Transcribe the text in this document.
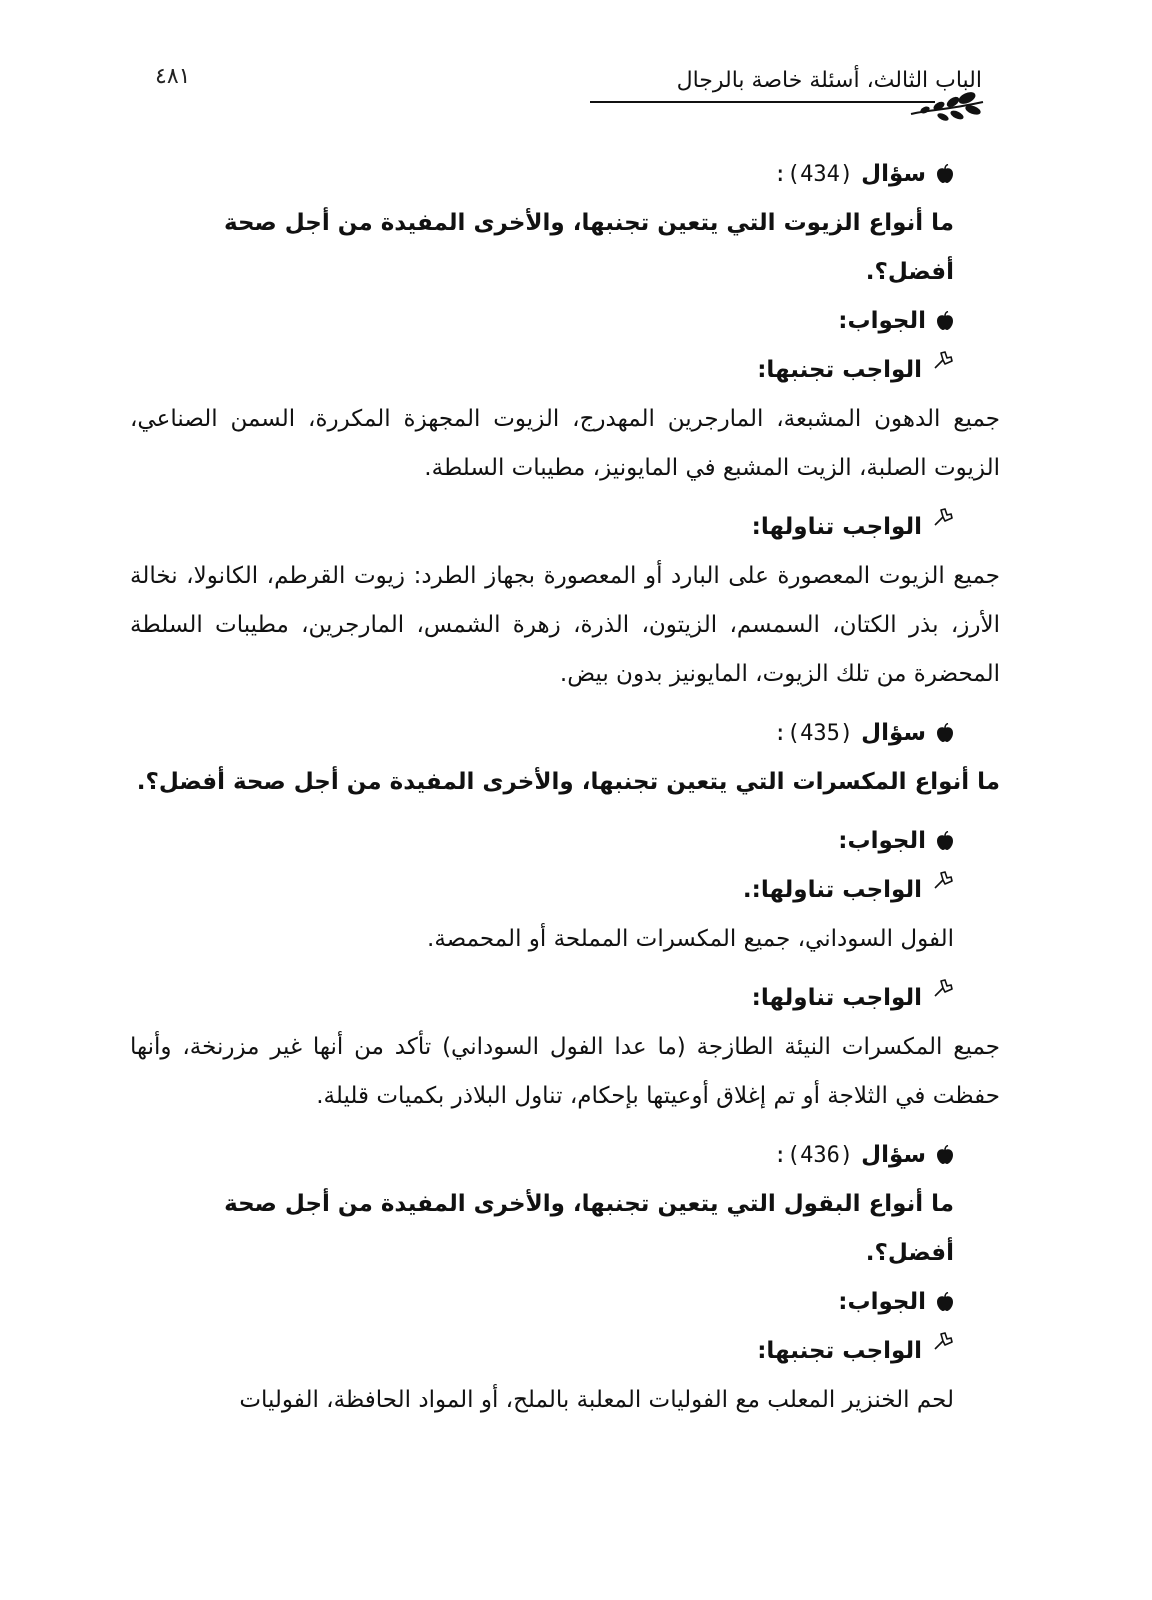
٤٨١	الباب الثالث، أسئلة خاصة بالرجال
سؤال (434):
ما أنواع الزيوت التي يتعين تجنبها، والأخرى المفيدة من أجل صحة أفضل؟.
الجواب:
الواجب تجنبها:
جميع الدهون المشبعة، المارجرين المهدرج، الزيوت المجهزة المكررة، السمن الصناعي، الزيوت الصلبة، الزيت المشبع في المايونيز، مطيبات السلطة.
الواجب تناولها:
جميع الزيوت المعصورة على البارد أو المعصورة بجهاز الطرد: زيوت القرطم، الكانولا، نخالة الأرز، بذر الكتان، السمسم، الزيتون، الذرة، زهرة الشمس، المارجرين، مطيبات السلطة المحضرة من تلك الزيوت، المايونيز بدون بيض.
سؤال (435):
ما أنواع المكسرات التي يتعين تجنبها، والأخرى المفيدة من أجل صحة أفضل؟.
الجواب:
الواجب تناولها:.
الفول السوداني، جميع المكسرات المملحة أو المحمصة.
الواجب تناولها:
جميع المكسرات النيئة الطازجة (ما عدا الفول السوداني) تأكد من أنها غير مزرنخة، وأنها حفظت في الثلاجة أو تم إغلاق أوعيتها بإحكام، تناول البلاذر بكميات قليلة.
سؤال (436):
ما أنواع البقول التي يتعين تجنبها، والأخرى المفيدة من أجل صحة أفضل؟.
الجواب:
الواجب تجنبها:
لحم الخنزير المعلب مع الفوليات المعلبة بالملح، أو المواد الحافظة، الفوليات
